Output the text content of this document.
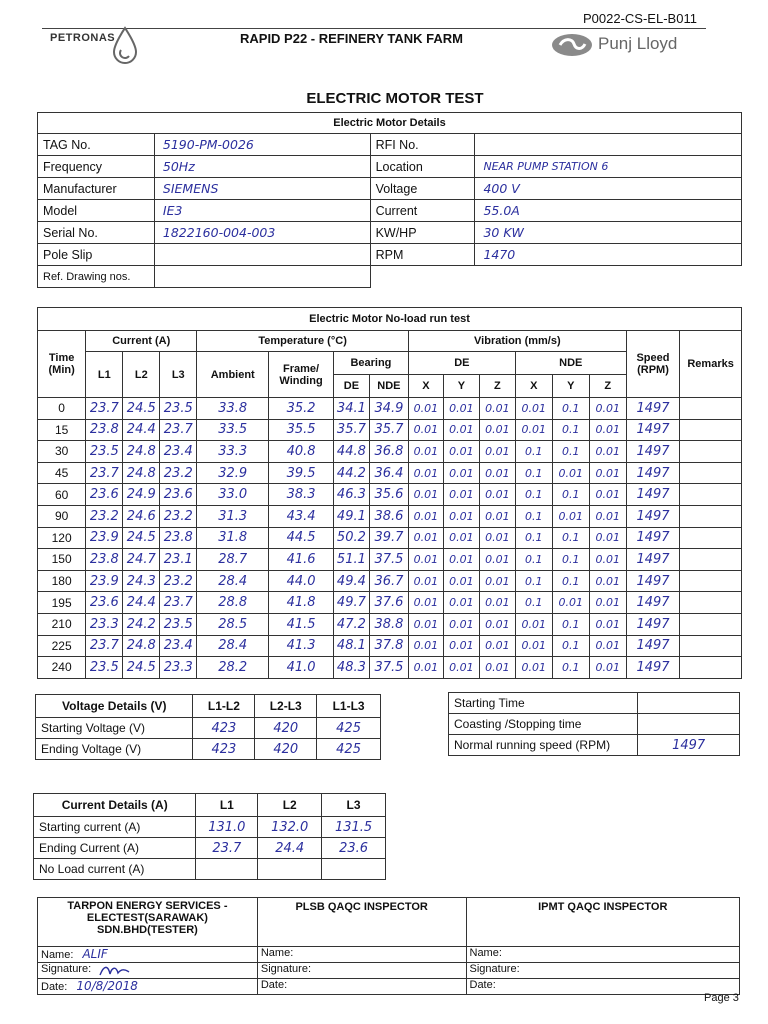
P0022-CS-EL-B011
PETRONAS	RAPID P22 - REFINERY TANK FARM	Punj Lloyd
ELECTRIC MOTOR TEST
Electric Motor Details			
TAG No.	5190-PM-0026	RFI No.	
Frequency	50Hz	Location	NEAR PUMP STATION 6
Manufacturer	SIEMENS	Voltage	400 V
Model	IE3	Current	55.0A
Serial No.	1822160-004-003	KW/HP	30 KW
Pole Slip		RPM	1470
Ref. Drawing nos.			
Electric Motor No-load run test															
Time (Min)	Current (A)			Temperature (°C)				Vibration (mm/s)						Speed (RPM)	Remarks
	L1	L2	L3	Ambient	Frame/ Winding	Bearing		DE			NDE				
						DE	NDE	X	Y	Z	X	Y	Z		
0	23.7	24.5	23.5	33.8	35.2	34.1	34.9	0.01	0.01	0.01	0.01	0.1	0.01	1497	
15	23.8	24.4	23.7	33.5	35.5	35.7	35.7	0.01	0.01	0.01	0.01	0.1	0.01	1497	
30	23.5	24.8	23.4	33.3	40.8	44.8	36.8	0.01	0.01	0.01	0.1	0.1	0.01	1497	
45	23.7	24.8	23.2	32.9	39.5	44.2	36.4	0.01	0.01	0.01	0.1	0.01	0.01	1497	
60	23.6	24.9	23.6	33.0	38.3	46.3	35.6	0.01	0.01	0.01	0.1	0.1	0.01	1497	
90	23.2	24.6	23.2	31.3	43.4	49.1	38.6	0.01	0.01	0.01	0.1	0.01	0.01	1497	
120	23.9	24.5	23.8	31.8	44.5	50.2	39.7	0.01	0.01	0.01	0.1	0.1	0.01	1497	
150	23.8	24.7	23.1	28.7	41.6	51.1	37.5	0.01	0.01	0.01	0.1	0.1	0.01	1497	
180	23.9	24.3	23.2	28.4	44.0	49.4	36.7	0.01	0.01	0.01	0.1	0.1	0.01	1497	
195	23.6	24.4	23.7	28.8	41.8	49.7	37.6	0.01	0.01	0.01	0.1	0.01	0.01	1497	
210	23.3	24.2	23.5	28.5	41.5	47.2	38.8	0.01	0.01	0.01	0.01	0.1	0.01	1497	
225	23.7	24.8	23.4	28.4	41.3	48.1	37.8	0.01	0.01	0.01	0.01	0.1	0.01	1497	
240	23.5	24.5	23.3	28.2	41.0	48.3	37.5	0.01	0.01	0.01	0.01	0.1	0.01	1497	
Voltage Details (V)	L1-L2	L2-L3	L1-L3
Starting Voltage (V)	423	420	425
Ending Voltage (V)	423	420	425
Starting Time	
Coasting /Stopping time	
Normal running speed (RPM)	1497
Current Details (A)	L1	L2	L3
Starting current (A)	131.0	132.0	131.5
Ending Current (A)	23.7	24.4	23.6
No Load current (A)			
TARPON ENERGY SERVICES - ELECTEST(SARAWAK) SDN.BHD(TESTER)	PLSB QAQC INSPECTOR	IPMT QAQC INSPECTOR
Name: ALIF	Name:	Name:
Signature:	Signature:	Signature:
Date: 10/8/2018	Date:	Date:
Page 3
